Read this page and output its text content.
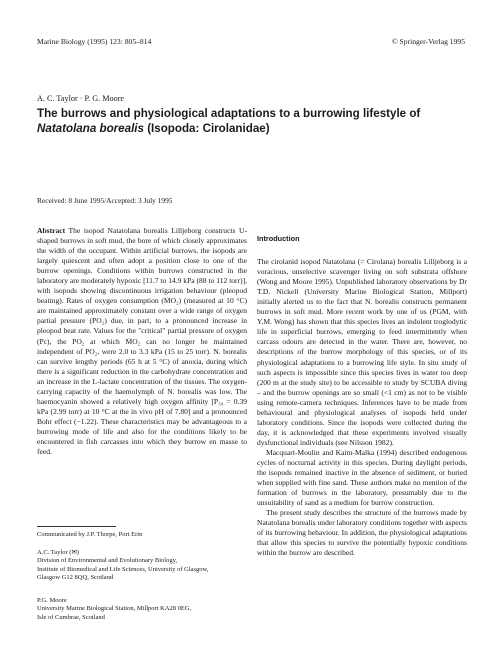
Marine Biology (1995) 123: 805–814	© Springer-Verlag 1995
A. C. Taylor · P. G. Moore
The burrows and physiological adaptations to a burrowing lifestyle of
Natatolana borealis (Isopoda: Cirolanidae)
Received: 8 June 1995/Accepted: 3 July 1995

Abstract The isopod Natatolana borealis Lilljeborg constructs U-shaped burrows in soft mud, the bore of which closely approximates the width of the occupant. Within artificial burrows, the isopods are largely quiescent and often adopt a position close to one of the burrow openings. Conditions within burrows constructed in the laboratory are moderately hypoxic [11.7 to 14.9 kPa (88 to 112 torr)], with isopods showing discontinuous irrigation behaviour (pleopod beating). Rates of oxygen consumption (ṀO₂) (measured at 10 °C) are maintained approximately constant over a wide range of oxygen partial pressure (PO₂) due, in part, to a pronounced increase in pleopod beat rate. Values for the "critical" partial pressure of oxygen (Pc), the PO₂ at which ṀO₂ can no longer be maintained independent of PO₂, were 2.0 to 3.3 kPa (15 to 25 torr). N. borealis can survive lengthy periods (65 h at 5 °C) of anoxia, during which there is a significant reduction in the carbohydrate concentration and an increase in the L-lactate concentration of the tissues. The oxygen-carrying capacity of the haemolymph of N. borealis was low. The haemocyanin showed a relatively high oxygen affinity [P₅₀ = 0.39 kPa (2.99 torr) at 10 °C at the in vivo pH of 7.80] and a pronounced Bohr effect (−1.22). These characteristics may be advantageous to a burrowing mode of life and also for the conditions likely to be encountered in fish carcasses into which they burrow en masse to feed.

Communicated by J.P. Thorpe, Port Erin
A.C. Taylor (✉)
Division of Environmental and Evolutionary Biology,
Institute of Biomedical and Life Sciences, University of Glasgow,
Glasgow G12 8QQ, Scotland
P.G. Moore
University Marine Biological Station, Millport KA28 0EG,
Isle of Cumbrae, Scotland
Introduction

The cirolanid isopod Natatolana (= Cirolana) borealis Lilljeborg is a voracious, unselective scavenger living on soft substrata offshore (Wong and Moore 1995). Unpublished laboratory observations by Dr T.D. Nickell (University Marine Biological Station, Millport) initially alerted us to the fact that N. borealis constructs permanent burrows in soft mud. More recent work by one of us (PGM, with Y.M. Wong) has shown that this species lives an indolent troglodytic life in superficial burrows, emerging to feed intermittently when carcass odours are detected in the water. There are, however, no descriptions of the burrow morphology of this species, or of its physiological adaptations to a burrowing life style. In situ study of such aspects is impossible since this species lives in water too deep (200 m at the study site) to be accessible to study by SCUBA diving – and the burrow openings are so small (<1 cm) as not to be visible using remote-camera techniques. Inferences have to be made from behavioural and physiological analyses of isopods held under laboratory conditions. Since the isopods were collected during the day, it is acknowledged that these experiments involved visually dysfunctional individuals (see Nilsson 1982).

Macquart-Moulin and Kaim-Malka (1994) described endogenous cycles of nocturnal activity in this species. During daylight periods, the isopods remained inactive in the absence of sediment, or buried when supplied with fine sand. These authors make no mention of the formation of burrows in the laboratory, presumably due to the unsuitability of sand as a medium for burrow construction.

The present study describes the structure of the burrows made by Natatolana borealis under laboratory conditions together with aspects of its burrowing behaviour. In addition, the physiological adaptations that allow this species to survive the potentially hypoxic conditions within the burrow are described.
